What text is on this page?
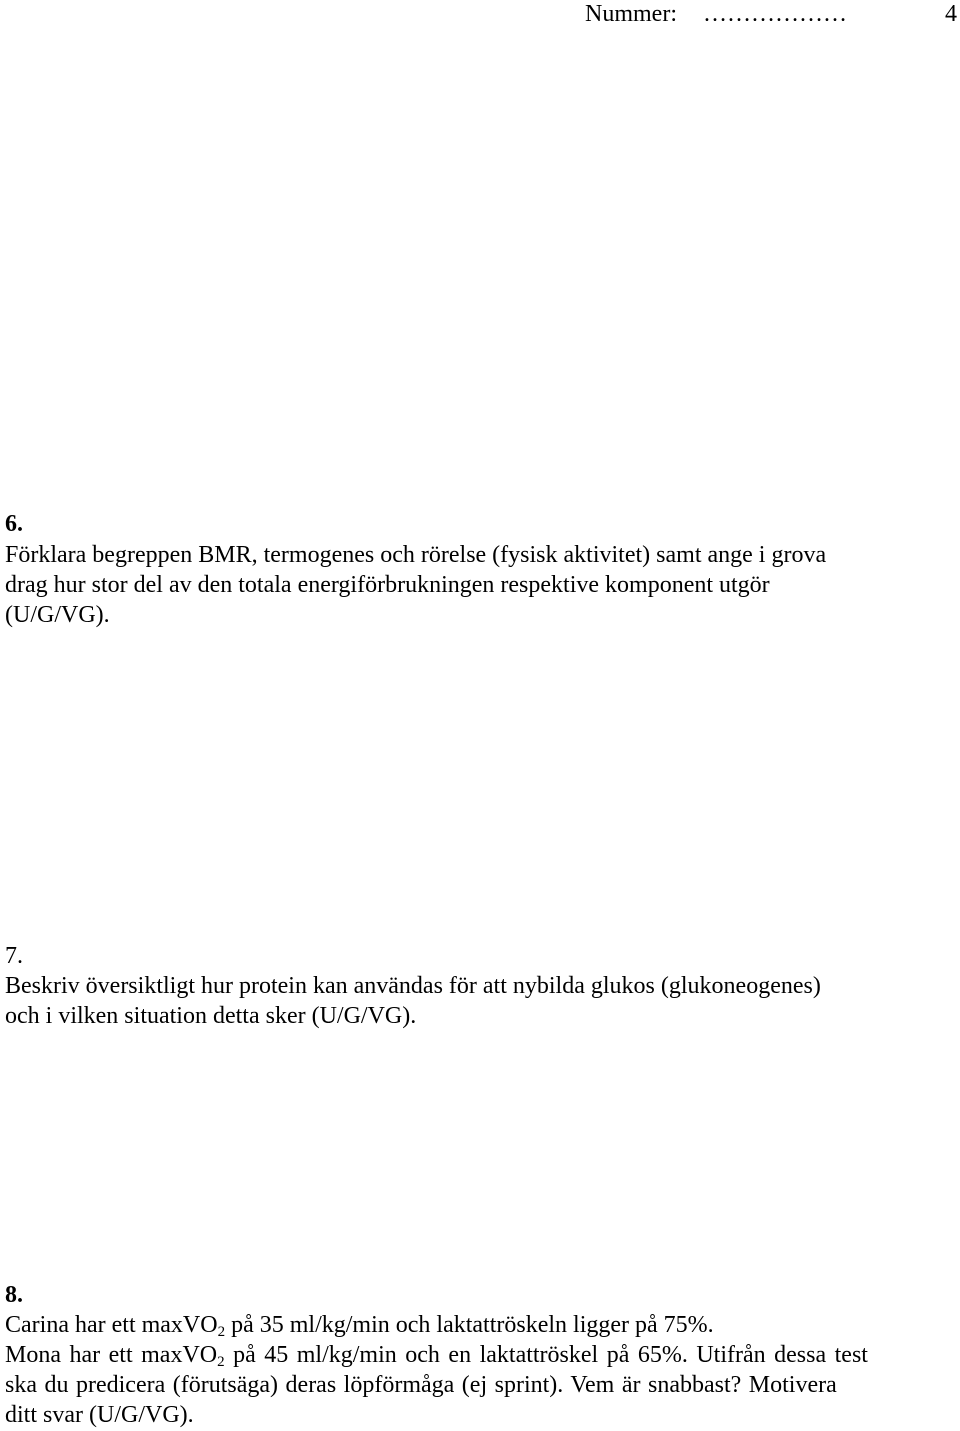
Nummer: ………………	4
6.
Förklara begreppen BMR, termogenes och rörelse (fysisk aktivitet) samt ange i grova
drag hur stor del av den totala energiförbrukningen respektive komponent utgör
(U/G/VG).
7.
Beskriv översiktligt hur protein kan användas för att nybilda glukos (glukoneogenes)
och i vilken situation detta sker (U/G/VG).
8.
Carina har ett maxVO$_2$ på 35 ml/kg/min och laktattröskeln ligger på 75%.
Mona har ett maxVO$_2$ på 45 ml/kg/min och en laktattröskel på 65%. Utifrån dessa test
ska du predicera (förutsäga) deras löpförmåga (ej sprint). Vem är snabbast? Motivera
ditt svar (U/G/VG).
